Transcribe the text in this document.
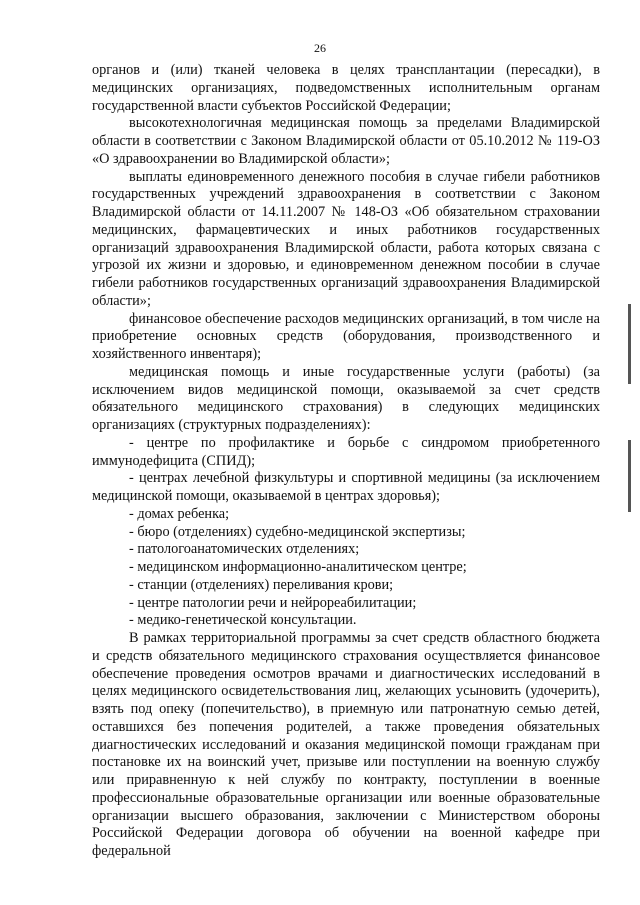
26

органов и (или) тканей человека в целях трансплантации (пересадки), в медицинских организациях, подведомственных исполнительным органам государственной власти субъектов Российской Федерации;

высокотехнологичная медицинская помощь за пределами Владимирской области в соответствии с Законом Владимирской области от 05.10.2012 № 119-ОЗ «О здравоохранении во Владимирской области»;

выплаты единовременного денежного пособия в случае гибели работников государственных учреждений здравоохранения в соответствии с Законом Владимирской области от 14.11.2007 № 148-ОЗ «Об обязательном страховании медицинских, фармацевтических и иных работников государственных организаций здравоохранения Владимирской области, работа которых связана с угрозой их жизни и здоровью, и единовременном денежном пособии в случае гибели работников государственных организаций здравоохранения Владимирской области»;

финансовое обеспечение расходов медицинских организаций, в том числе на приобретение основных средств (оборудования, производственного и хозяйственного инвентаря);

медицинская помощь и иные государственные услуги (работы) (за исключением видов медицинской помощи, оказываемой за счет средств обязательного медицинского страхования) в следующих медицинских организациях (структурных подразделениях):

- центре по профилактике и борьбе с синдромом приобретенного иммунодефицита (СПИД);

- центрах лечебной физкультуры и спортивной медицины (за исключением медицинской помощи, оказываемой в центрах здоровья);

- домах ребенка;

- бюро (отделениях) судебно-медицинской экспертизы;

- патологоанатомических отделениях;

- медицинском информационно-аналитическом центре;

- станции (отделениях) переливания крови;

- центре патологии речи и нейрореабилитации;

- медико-генетической консультации.

В рамках территориальной программы за счет средств областного бюджета и средств обязательного медицинского страхования осуществляется финансовое обеспечение проведения осмотров врачами и диагностических исследований в целях медицинского освидетельствования лиц, желающих усыновить (удочерить), взять под опеку (попечительство), в приемную или патронатную семью детей, оставшихся без попечения родителей, а также проведения обязательных диагностических исследований и оказания медицинской помощи гражданам при постановке их на воинский учет, призыве или поступлении на военную службу или приравненную к ней службу по контракту, поступлении в военные профессиональные образовательные организации или военные образовательные организации высшего образования, заключении с Министерством обороны Российской Федерации договора об обучении на военной кафедре при федеральной
